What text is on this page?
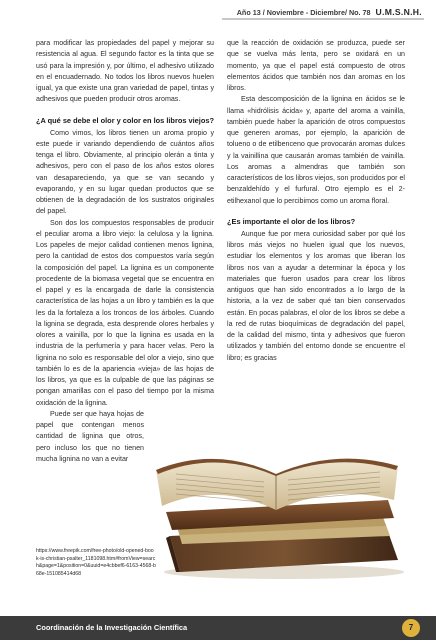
Año 13 / Noviembre - Diciembre/ No. 78 U.M.S.N.H.

para modificar las propiedades del papel y mejorar su resistencia al agua. El segundo factor es la tinta que se usó para la impresión y, por último, el adhesivo utilizado en el encuadernado. No todos los libros nuevos huelen igual, ya que existe una gran variedad de papel, tintas y adhesivos que pueden producir otros aromas.

¿A qué se debe el olor y color en los libros viejos?

Como vimos, los libros tienen un aroma propio y este puede ir variando dependiendo de cuántos años tenga el libro. Obviamente, al principio olerán a tinta y adhesivos, pero con el paso de los años estos olores van desapareciendo, ya que se van secando y evaporando, y en su lugar quedan productos que se obtienen de la degradación de los sustratos originales del papel.

Son dos los compuestos responsables de producir el peculiar aroma a libro viejo: la celulosa y la lignina. Los papeles de mejor calidad contienen menos lignina, pero la cantidad de estos dos compuestos varía según la composición del papel. La lignina es un componente procedente de la biomasa vegetal que se encuentra en el papel y es la encargada de darle la consistencia característica de las hojas a un libro y también es la que les da la fortaleza a los troncos de los árboles. Cuando la lignina se degrada, esta desprende olores herbales y olores a vainilla, por lo que la lignina es usada en la industria de la perfumería y para hacer velas. Pero la lignina no solo es responsable del olor a viejo, sino que también lo es de la apariencia «vieja» de las hojas de los libros, ya que es la culpable de que las páginas se pongan amarillas con el paso del tiempo por la misma oxidación de la lignina.

Puede ser que haya hojas de papel que contengan menos cantidad de lignina que otros, pero incluso los que no tienen mucha lignina no van a evitar

que la reacción de oxidación se produzca, puede ser que se vuelva más lenta, pero se oxidará en un momento, ya que el papel está compuesto de otros elementos ácidos que también nos dan aromas en los libros.

Esta descomposición de la lignina en ácidos se le llama «hidrólisis ácida» y, aparte del aroma a vainilla, también puede haber la aparición de otros compuestos que generen aromas, por ejemplo, la aparición de tolueno o de etilbenceno que provocarán aromas dulces y la vainillina que causarán aromas también de vainilla. Los aromas a almendras que también son característicos de los libros viejos, son producidos por el benzaldehído y el furfural. Otro ejemplo es el 2-etilhexanol que lo percibimos como un aroma floral.

¿Es importante el olor de los libros?

Aunque fue por mera curiosidad saber por qué los libros más viejos no huelen igual que los nuevos, estudiar los elementos y los aromas que liberan los libros nos van a ayudar a determinar la época y los materiales que fueron usados para crear los libros antiguos que han sido encontrados a lo largo de la historia, a la vez de saber qué tan bien conservados están. En pocas palabras, el olor de los libros se debe a la red de rutas bioquímicas de degradación del papel, de la calidad del mismo, tinta y adhesivos que fueron utilizados y también del entorno donde se encuentre el libro; es gracias

https://www.freepik.com/free-photo/old-opened-book-is-christian-psalter_1181098.htm#fromView=search&page=1&position=0&uuid=e4cbbef6-6163-4568-b68e-151085414d68
Coordinación de la Investigación Científica	7
